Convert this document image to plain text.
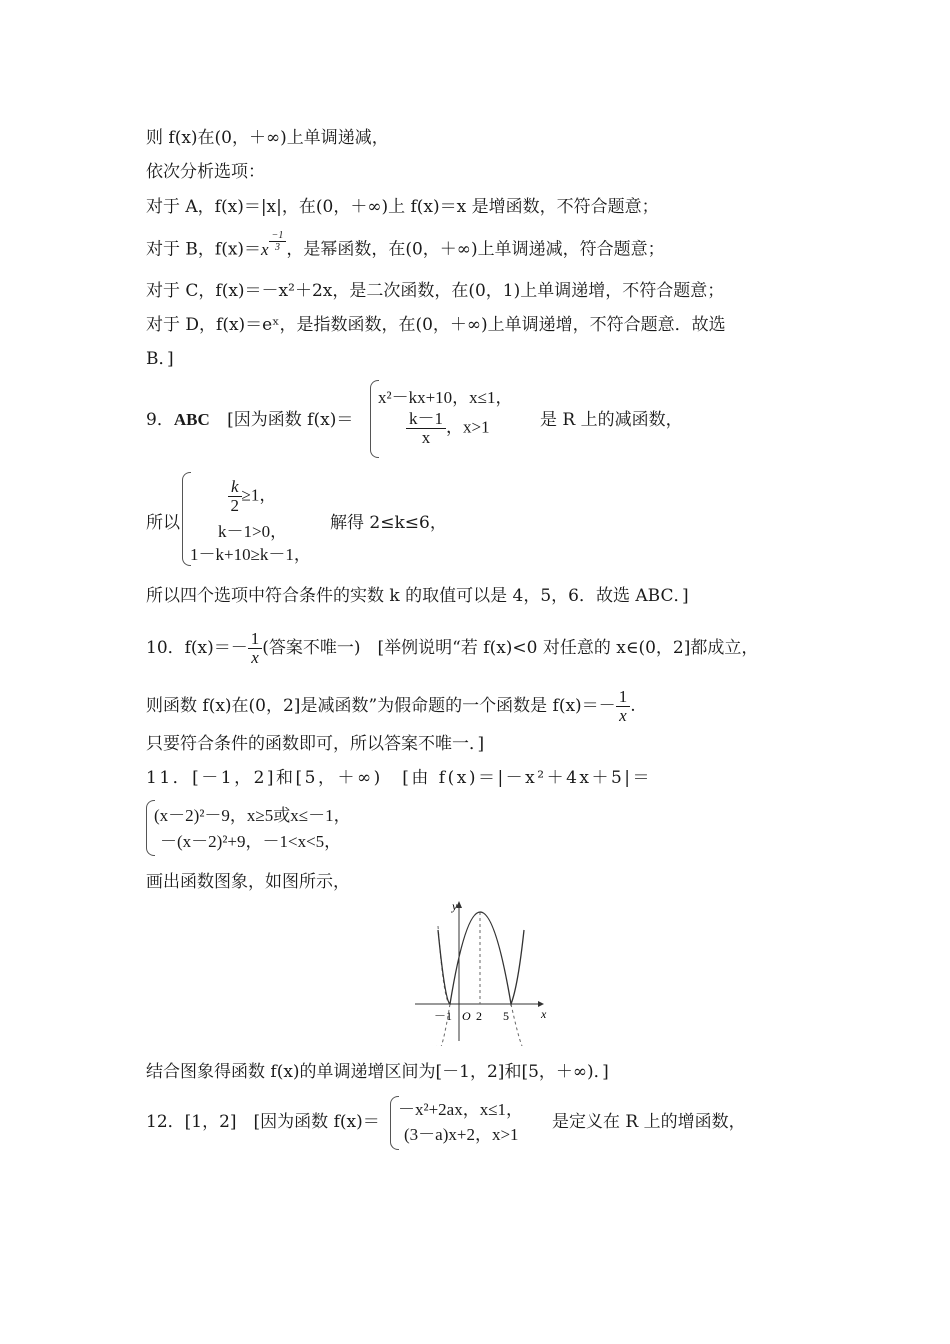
则 f(x)在(0，＋∞)上单调递减，
依次分析选项：
对于 A，f(x)＝|x|，在(0，＋∞)上 f(x)＝x 是增函数，不符合题意；
对于 B，f(x)＝x $^{\frac{-1}{3}}$ ，是幂函数，在(0，＋∞)上单调递减，符合题意；
对于 C，f(x)＝－x²＋2x，是二次函数，在(0，1)上单调递增，不符合题意；
对于 D，f(x)＝eˣ，是指数函数，在(0，＋∞)上单调递增，不符合题意．故选
B．]
9．ABC [因为函数 f(x)＝
x²－kx+10，x≤1，
$\frac{k-1}{x}$ ，x>1	是 R 上的减函数，
所以
$\frac{k}{2} \ge 1$，
k－1>0，
1－k+10≥k－1，
解得 2≤k≤6，
所以四个选项中符合条件的实数 k 的取值可以是 4，5，6．故选 ABC．]
10．$f(x)=- \frac{1}{x}$ (答案不唯一)　[举例说明“若 f(x)<0 对任意的 x∈(0，2]都成立，
则函数 f(x)在(0，2]是减函数”为假命题的一个函数是 $f(x)=- \frac{1}{x}$ .
只要符合条件的函数即可，所以答案不唯一．]
11．[－1，2]和[5，＋∞)　[由 f(x)＝|－x²＋4x＋5|＝
(x－2)²－9，x≥5或x≤－1，
－(x－2)²+9，－1<x<5，
画出函数图象，如图所示，
y
x
－1 O 2 5
结合图象得函数 f(x)的单调递增区间为[－1，2]和[5，＋∞)．]
12．[1，2]　[因为函数 f(x)＝
－x²+2ax，x≤1，
(3－a)x+2，x>1
是定义在 R 上的增函数，
